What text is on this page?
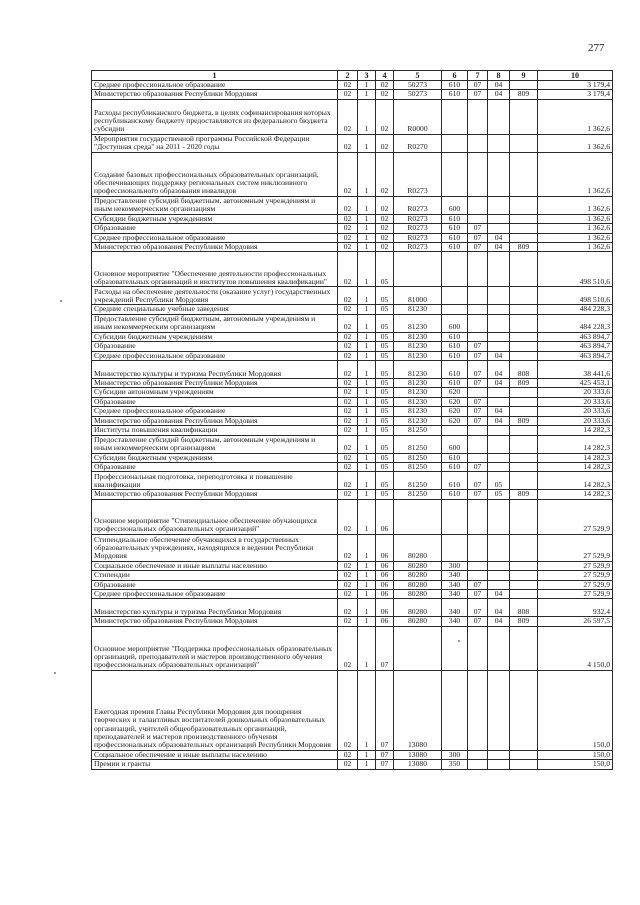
277
1	2	3	4	5	6	7	8	9	10
Среднее профессиональное образование	02	1	02	50273	610	07	04		3 179,4
Министерство образования Республики Мордовия	02	1	02	50273	610	07	04	809	3 179,4
Расходы республиканского бюджета, в целях софинансирования которых республиканскому бюджету предоставляются из федерального бюджета субсидии	02	1	02	R0000					1 362,6
Мероприятия государственной программы Российской Федерации "Доступная среда" на 2011 - 2020 годы	02	1	02	R0270					1 362,6
Создание базовых профессиональных образовательных организаций, обеспечивающих поддержку региональных систем инклюзивного профессионального образования инвалидов	02	1	02	R0273					1 362,6
Предоставление субсидий бюджетным, автономным учреждениям и иным некоммерческим организациям	02	1	02	R0273	600				1 362,6
Субсидии бюджетным учреждениям	02	1	02	R0273	610				1 362,6
Образование	02	1	02	R0273	610	07			1 362,6
Среднее профессиональное образование	02	1	02	R0273	610	07	04		1 362,6
Министерство образования Республики Мордовия	02	1	02	R0273	610	07	04	809	1 362,6
Основное мероприятие "Обеспечение деятельности профессиональных образовательных организаций и институтов повышения квалификации"	02	1	05						498 510,6
Расходы на обеспечение деятельности (оказание услуг) государственных учреждений Республики Мордовия	02	1	05	81000					498 510,6
Средние специальные учебные заведения	02	1	05	81230					484 228,3
Предоставление субсидий бюджетным, автономным учреждениям и иным некоммерческим организациям	02	1	05	81230	600				484 228,3
Субсидии бюджетным учреждениям	02	1	05	81230	610				463 894,7
Образование	02	1	05	81230	610	07			463 894,7
Среднее профессиональное образование	02	1	05	81230	610	07	04		463 894,7
Министерство культуры и туризма Республики Мордовия	02	1	05	81230	610	07	04	808	38 441,6
Министерство образования Республики Мордовия	02	1	05	81230	610	07	04	809	425 453,1
Субсидии автономным учреждениям	02	1	05	81230	620				20 333,6
Образование	02	1	05	81230	620	07			20 333,6
Среднее профессиональное образование	02	1	05	81230	620	07	04		20 333,6
Министерство образования Республики Мордовия	02	1	05	81230	620	07	04	809	20 333,6
Институты повышения квалификации	02	1	05	81250					14 282,3
Предоставление субсидий бюджетным, автономным учреждениям и иным некоммерческим организациям	02	1	05	81250	600				14 282,3
Субсидии бюджетным учреждениям	02	1	05	81250	610				14 282,3
Образование	02	1	05	81250	610	07			14 282,3
Профессиональная подготовка, переподготовка и повышение квалификации	02	1	05	81250	610	07	05		14 282,3
Министерство образования Республики Мордовия	02	1	05	81250	610	07	05	809	14 282,3
Основное мероприятие "Стипендиальное обеспечение обучающихся профессиональных образовательных организаций"	02	1	06						27 529,9
Стипендиальное обеспечение обучающихся в государственных образовательных учреждениях, находящихся в ведении Республики Мордовия	02	1	06	80280					27 529,9
Социальное обеспечение и иные выплаты населению	02	1	06	80280	300				27 529,9
Стипендии	02	1	06	80280	340				27 529,9
Образование	02	1	06	80280	340	07			27 529,9
Среднее профессиональное образование	02	1	06	80280	340	07	04		27 529,9
Министерство культуры и туризма Республики Мордовия	02	1	06	80280	340	07	04	808	932,4
Министерство образования Республики Мордовия	02	1	06	80280	340	07	04	809	26 597,5
Основное мероприятие "Поддержка профессиональных образовательных организаций, преподавателей и мастеров производственного обучения профессиональных образовательных организаций"	02	1	07						4 150,0
Ежегодная премия Главы Республики Мордовия для поощрения творческих и талантливых воспитателей дошкольных образовательных организаций, учителей общеобразовательных организаций, преподавателей и мастеров производственного обучения профессиональных образовательных организаций Республики Мордовия	02	1	07	13080					150,0
Социальное обеспечение и иные выплаты населению	02	1	07	13080	300				150,0
Премии и гранты	02	1	07	13080	350				150,0
